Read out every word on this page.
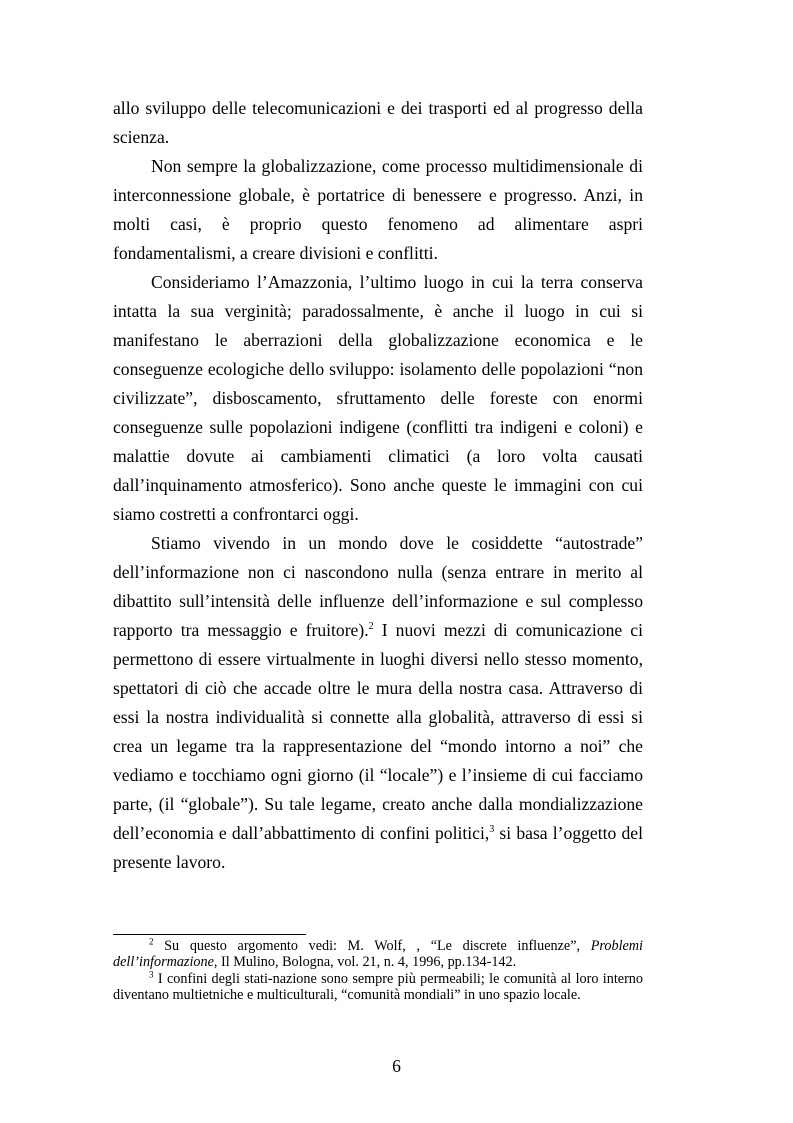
allo sviluppo delle telecomunicazioni e dei trasporti ed al progresso della scienza.

Non sempre la globalizzazione, come processo multidimensionale di interconnessione globale, è portatrice di benessere e progresso. Anzi, in molti casi, è proprio questo fenomeno ad alimentare aspri fondamentalismi, a creare divisioni e conflitti.

Consideriamo l’Amazzonia, l’ultimo luogo in cui la terra conserva intatta la sua verginità; paradossalmente, è anche il luogo in cui si manifestano le aberrazioni della globalizzazione economica e le conseguenze ecologiche dello sviluppo: isolamento delle popolazioni “non civilizzate”, disboscamento, sfruttamento delle foreste con enormi conseguenze sulle popolazioni indigene (conflitti tra indigeni e coloni) e malattie dovute ai cambiamenti climatici (a loro volta causati dall’inquinamento atmosferico). Sono anche queste le immagini con cui siamo costretti a confrontarci oggi.

Stiamo vivendo in un mondo dove le cosiddette “autostrade” dell’informazione non ci nascondono nulla (senza entrare in merito al dibattito sull’intensità delle influenze dell’informazione e sul complesso rapporto tra messaggio e fruitore).$^2$ I nuovi mezzi di comunicazione ci permettono di essere virtualmente in luoghi diversi nello stesso momento, spettatori di ciò che accade oltre le mura della nostra casa. Attraverso di essi la nostra individualità si connette alla globalità, attraverso di essi si crea un legame tra la rappresentazione del “mondo intorno a noi” che vediamo e tocchiamo ogni giorno (il “locale”) e l’insieme di cui facciamo parte, (il “globale”). Su tale legame, creato anche dalla mondializzazione dell’economia e dall’abbattimento di confini politici,$^3$ si basa l’oggetto del presente lavoro.

$^2$ Su questo argomento vedi: M. Wolf, , “Le discrete influenze”, Problemi dell’informazione, Il Mulino, Bologna, vol. 21, n. 4, 1996, pp.134-142.

$^3$ I confini degli stati-nazione sono sempre più permeabili; le comunità al loro interno diventano multietniche e multiculturali, “comunità mondiali” in uno spazio locale.

6
